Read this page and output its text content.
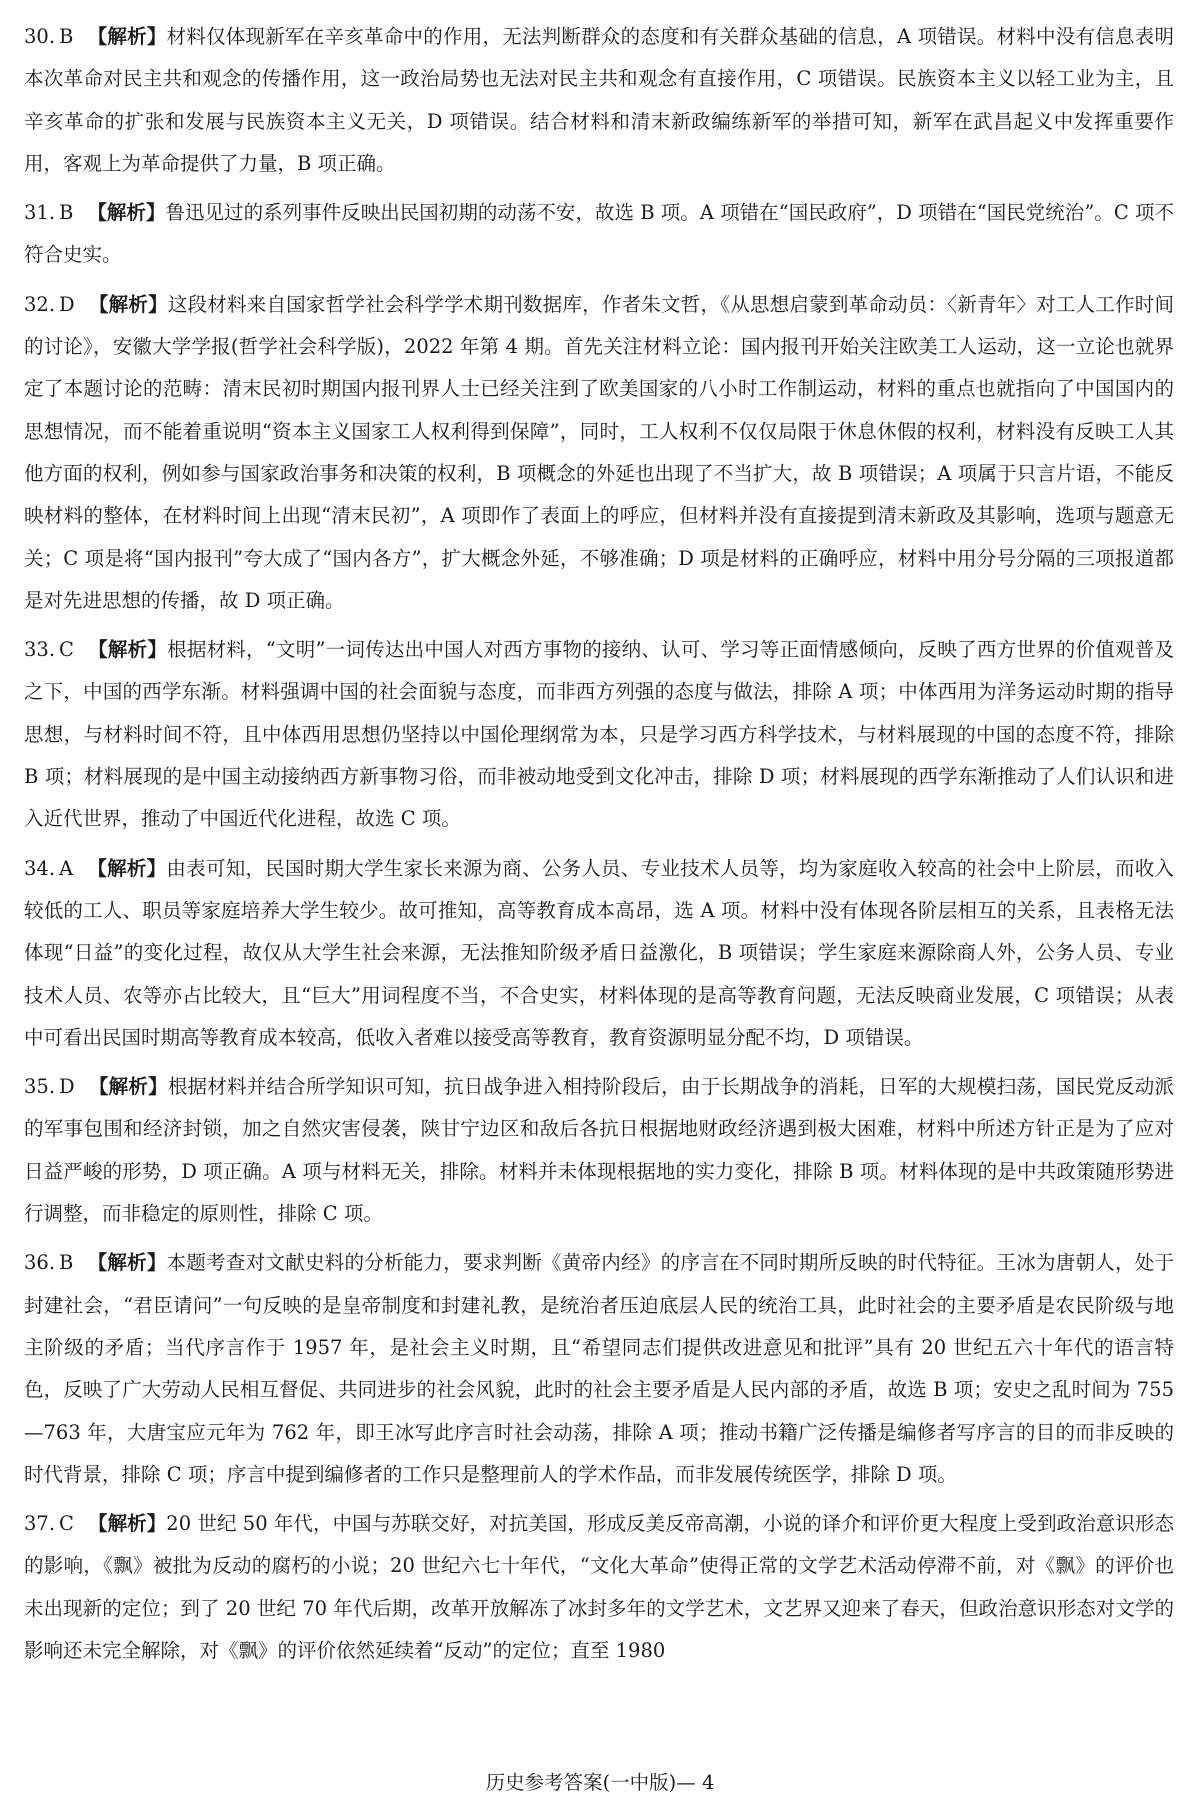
30. B 【解析】材料仅体现新军在辛亥革命中的作用，无法判断群众的态度和有关群众基础的信息，A 项错误。材料中没有信息表明本次革命对民主共和观念的传播作用，这一政治局势也无法对民主共和观念有直接作用，C 项错误。民族资本主义以轻工业为主，且辛亥革命的扩张和发展与民族资本主义无关，D 项错误。结合材料和清末新政编练新军的举措可知，新军在武昌起义中发挥重要作用，客观上为革命提供了力量，B 项正确。

31. B 【解析】鲁迅见过的系列事件反映出民国初期的动荡不安，故选 B 项。A 项错在“国民政府”，D 项错在“国民党统治”。C 项不符合史实。

32. D 【解析】这段材料来自国家哲学社会科学学术期刊数据库，作者朱文哲，《从思想启蒙到革命动员：〈新青年〉对工人工作时间的讨论》，安徽大学学报(哲学社会科学版)，2022 年第 4 期。首先关注材料立论：国内报刊开始关注欧美工人运动，这一立论也就界定了本题讨论的范畴：清末民初时期国内报刊界人士已经关注到了欧美国家的八小时工作制运动，材料的重点也就指向了中国国内的思想情况，而不能着重说明“资本主义国家工人权利得到保障”，同时，工人权利不仅仅局限于休息休假的权利，材料没有反映工人其他方面的权利，例如参与国家政治事务和决策的权利，B 项概念的外延也出现了不当扩大，故 B 项错误；A 项属于只言片语，不能反映材料的整体，在材料时间上出现“清末民初”，A 项即作了表面上的呼应，但材料并没有直接提到清末新政及其影响，选项与题意无关；C 项是将“国内报刊”夸大成了“国内各方”，扩大概念外延，不够准确；D 项是材料的正确呼应，材料中用分号分隔的三项报道都是对先进思想的传播，故 D 项正确。

33. C 【解析】根据材料，“文明”一词传达出中国人对西方事物的接纳、认可、学习等正面情感倾向，反映了西方世界的价值观普及之下，中国的西学东渐。材料强调中国的社会面貌与态度，而非西方列强的态度与做法，排除 A 项；中体西用为洋务运动时期的指导思想，与材料时间不符，且中体西用思想仍坚持以中国伦理纲常为本，只是学习西方科学技术，与材料展现的中国的态度不符，排除 B 项；材料展现的是中国主动接纳西方新事物习俗，而非被动地受到文化冲击，排除 D 项；材料展现的西学东渐推动了人们认识和进入近代世界，推动了中国近代化进程，故选 C 项。

34. A 【解析】由表可知，民国时期大学生家长来源为商、公务人员、专业技术人员等，均为家庭收入较高的社会中上阶层，而收入较低的工人、职员等家庭培养大学生较少。故可推知，高等教育成本高昂，选 A 项。材料中没有体现各阶层相互的关系，且表格无法体现“日益”的变化过程，故仅从大学生社会来源，无法推知阶级矛盾日益激化，B 项错误；学生家庭来源除商人外，公务人员、专业技术人员、农等亦占比较大，且“巨大”用词程度不当，不合史实，材料体现的是高等教育问题，无法反映商业发展，C 项错误；从表中可看出民国时期高等教育成本较高，低收入者难以接受高等教育，教育资源明显分配不均，D 项错误。

35. D 【解析】根据材料并结合所学知识可知，抗日战争进入相持阶段后，由于长期战争的消耗，日军的大规模扫荡，国民党反动派的军事包围和经济封锁，加之自然灾害侵袭，陕甘宁边区和敌后各抗日根据地财政经济遇到极大困难，材料中所述方针正是为了应对日益严峻的形势，D 项正确。A 项与材料无关，排除。材料并未体现根据地的实力变化，排除 B 项。材料体现的是中共政策随形势进行调整，而非稳定的原则性，排除 C 项。

36. B 【解析】本题考查对文献史料的分析能力，要求判断《黄帝内经》的序言在不同时期所反映的时代特征。王冰为唐朝人，处于封建社会，“君臣请问”一句反映的是皇帝制度和封建礼教，是统治者压迫底层人民的统治工具，此时社会的主要矛盾是农民阶级与地主阶级的矛盾；当代序言作于 1957 年，是社会主义时期，且“希望同志们提供改进意见和批评”具有 20 世纪五六十年代的语言特色，反映了广大劳动人民相互督促、共同进步的社会风貌，此时的社会主要矛盾是人民内部的矛盾，故选 B 项；安史之乱时间为 755—763 年，大唐宝应元年为 762 年，即王冰写此序言时社会动荡，排除 A 项；推动书籍广泛传播是编修者写序言的目的而非反映的时代背景，排除 C 项；序言中提到编修者的工作只是整理前人的学术作品，而非发展传统医学，排除 D 项。

37. C 【解析】20 世纪 50 年代，中国与苏联交好，对抗美国，形成反美反帝高潮，小说的译介和评价更大程度上受到政治意识形态的影响，《飘》被批为反动的腐朽的小说；20 世纪六七十年代，“文化大革命”使得正常的文学艺术活动停滞不前，对《飘》的评价也未出现新的定位；到了 20 世纪 70 年代后期，改革开放解冻了冰封多年的文学艺术，文艺界又迎来了春天，但政治意识形态对文学的影响还未完全解除，对《飘》的评价依然延续着“反动”的定位；直至 1980

历史参考答案(一中版)— 4
